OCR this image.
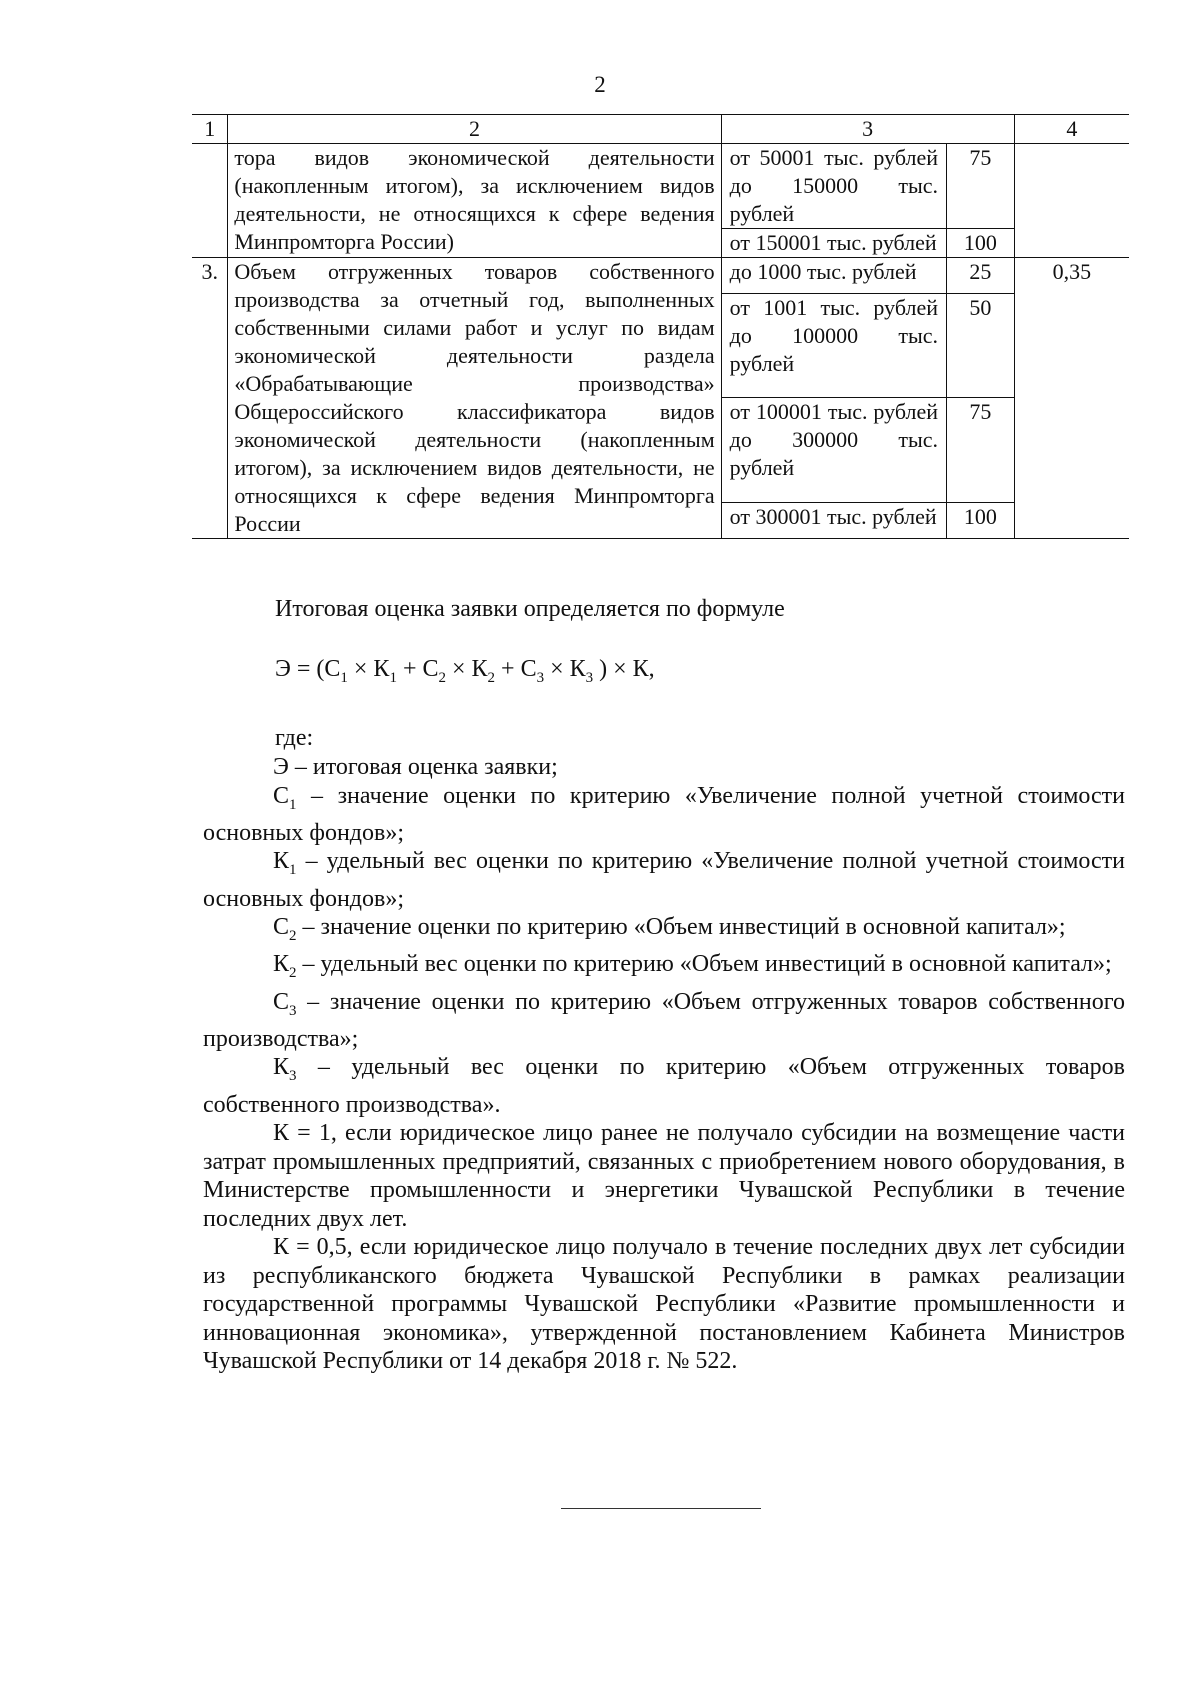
2
1	2	3		4
	тора видов экономической деятельности (накопленным итогом), за исключением видов деятельности, не относящихся к сфере ведения Минпромторга России)	от 50001 тыс. рублей до 150000 тыс. рублей	75	
		от 150001 тыс. рублей	100	
3.	Объем отгруженных товаров собственного производства за отчетный год, выполненных собственными силами работ и услуг по видам экономической деятельности раздела «Обрабатывающие производства» Общероссийского классификатора видов экономической деятельности (накопленным итогом), за исключением видов деятельности, не относящихся к сфере ведения Минпромторга России	до 1000 тыс. рублей	25	0,35
		от 1001 тыс. рублей до 100000 тыс. рублей	50	
		от 100001 тыс. рублей до 300000 тыс. рублей	75	
		от 300001 тыс. рублей	100	
Итоговая оценка заявки определяется по формуле
$Э = (С_1 \times К_1 + С_2 \times К_2 + С_3 \times К_3$ ) × К,
где:

Э – итоговая оценка заявки;

$С_1$ – значение оценки по критерию «Увеличение полной учетной стоимости основных фондов»;

$К_1$ – удельный вес оценки по критерию «Увеличение полной учетной стоимости основных фондов»;

$С_2$ – значение оценки по критерию «Объем инвестиций в основной капитал»;

$К_2$ – удельный вес оценки по критерию «Объем инвестиций в основной капитал»;

$С_3$ – значение оценки по критерию «Объем отгруженных товаров собственного производства»;

$К_3$ – удельный вес оценки по критерию «Объем отгруженных товаров собственного производства».

К = 1, если юридическое лицо ранее не получало субсидии на возмещение части затрат промышленных предприятий, связанных с приобретением нового оборудования, в Министерстве промышленности и энергетики Чувашской Республики в течение последних двух лет.

К = 0,5, если юридическое лицо получало в течение последних двух лет субсидии из республиканского бюджета Чувашской Республики в рамках реализации государственной программы Чувашской Республики «Развитие промышленности и инновационная экономика», утвержденной постановлением Кабинета Министров Чувашской Республики от 14 декабря 2018 г. № 522.
